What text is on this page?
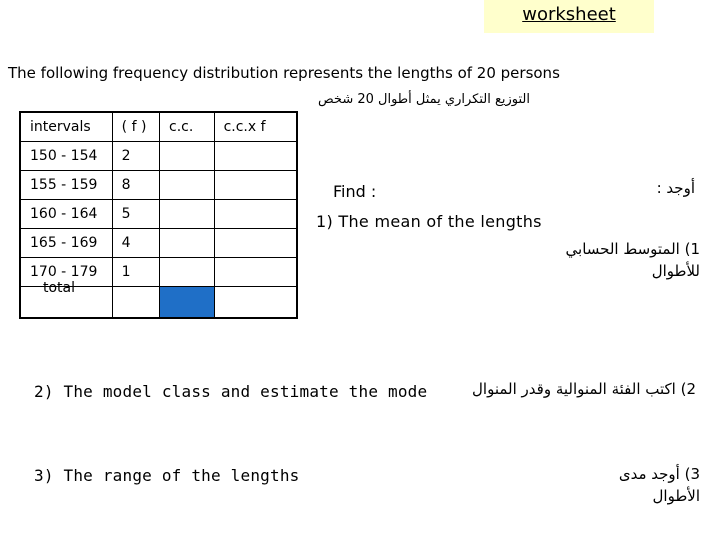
worksheet
The following frequency distribution represents the lengths of 20 persons
التوزيع التكراري يمثل أطوال 20 شخص
intervals	( f )	c.c.	c.c.x f
150 - 154	2		
155 - 159	8		
160 - 164	5		
165 - 169	4		
170 - 179	1		
total			
Find :	أوجد :
1) The mean of the lengths
1) المتوسط الحسابي للأطوال
2) The model class and estimate the mode	2) اكتب الفئة المنوالية وقدر المنوال
3) The range of the lengths	3) أوجد مدى الأطوال
